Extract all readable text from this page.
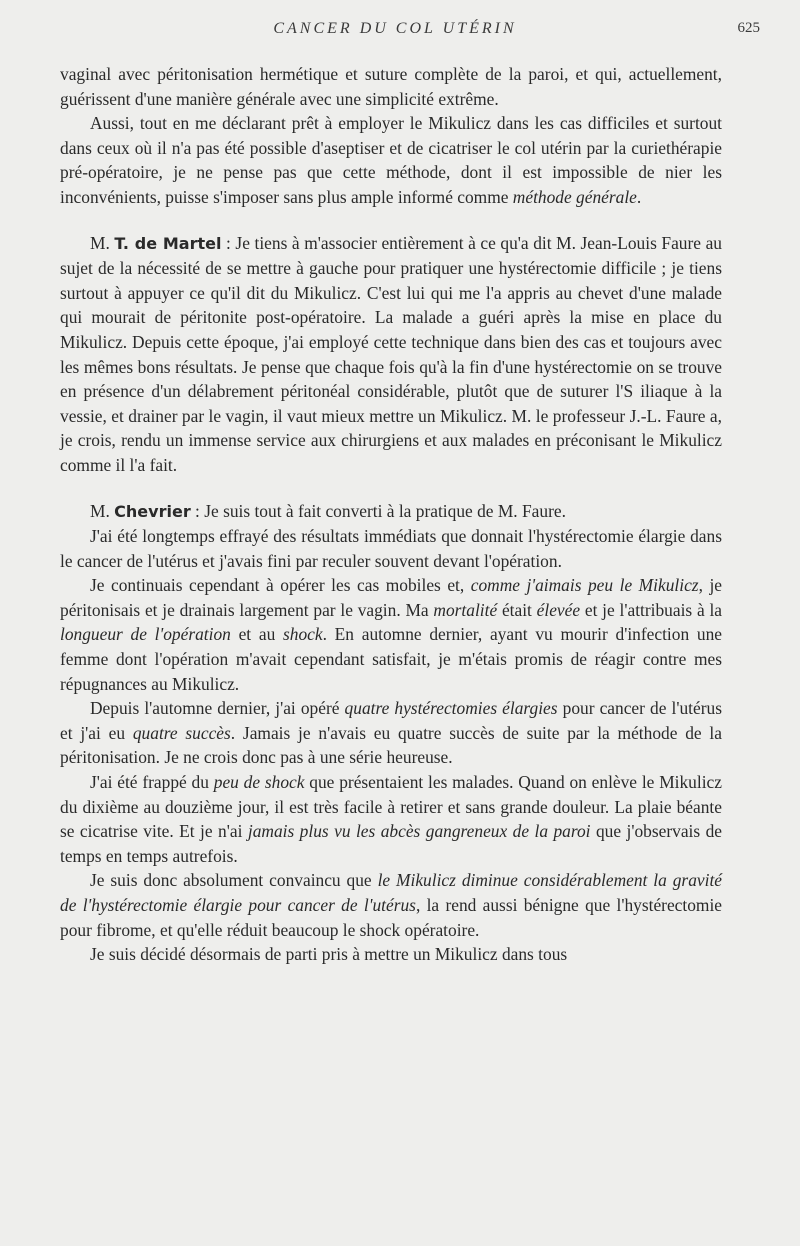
CANCER DU COL UTÉRIN	625

vaginal avec péritonisation hermétique et suture complète de la paroi, et qui, actuellement, guérissent d'une manière générale avec une simplicité extrême.

Aussi, tout en me déclarant prêt à employer le Mikulicz dans les cas difficiles et surtout dans ceux où il n'a pas été possible d'aseptiser et de cicatriser le col utérin par la curiethérapie pré-opératoire, je ne pense pas que cette méthode, dont il est impossible de nier les inconvénients, puisse s'imposer sans plus ample informé comme méthode générale.

M. T. de Martel : Je tiens à m'associer entièrement à ce qu'a dit M. Jean-Louis Faure au sujet de la nécessité de se mettre à gauche pour pratiquer une hystérectomie difficile ; je tiens surtout à appuyer ce qu'il dit du Mikulicz. C'est lui qui me l'a appris au chevet d'une malade qui mourait de péritonite post-opératoire. La malade a guéri après la mise en place du Mikulicz. Depuis cette époque, j'ai employé cette technique dans bien des cas et toujours avec les mêmes bons résultats. Je pense que chaque fois qu'à la fin d'une hystérectomie on se trouve en présence d'un délabrement péritonéal considérable, plutôt que de suturer l'S iliaque à la vessie, et drainer par le vagin, il vaut mieux mettre un Mikulicz. M. le professeur J.-L. Faure a, je crois, rendu un immense service aux chirurgiens et aux malades en préconisant le Mikulicz comme il l'a fait.

M. Chevrier : Je suis tout à fait converti à la pratique de M. Faure.

J'ai été longtemps effrayé des résultats immédiats que donnait l'hystérectomie élargie dans le cancer de l'utérus et j'avais fini par reculer souvent devant l'opération.

Je continuais cependant à opérer les cas mobiles et, comme j'aimais peu le Mikulicz, je péritonisais et je drainais largement par le vagin. Ma mortalité était élevée et je l'attribuais à la longueur de l'opération et au shock. En automne dernier, ayant vu mourir d'infection une femme dont l'opération m'avait cependant satisfait, je m'étais promis de réagir contre mes répugnances au Mikulicz.

Depuis l'automne dernier, j'ai opéré quatre hystérectomies élargies pour cancer de l'utérus et j'ai eu quatre succès. Jamais je n'avais eu quatre succès de suite par la méthode de la péritonisation. Je ne crois donc pas à une série heureuse.

J'ai été frappé du peu de shock que présentaient les malades. Quand on enlève le Mikulicz du dixième au douzième jour, il est très facile à retirer et sans grande douleur. La plaie béante se cicatrise vite. Et je n'ai jamais plus vu les abcès gangreneux de la paroi que j'observais de temps en temps autrefois.

Je suis donc absolument convaincu que le Mikulicz diminue considérablement la gravité de l'hystérectomie élargie pour cancer de l'utérus, la rend aussi bénigne que l'hystérectomie pour fibrome, et qu'elle réduit beaucoup le shock opératoire.

Je suis décidé désormais de parti pris à mettre un Mikulicz dans tous
